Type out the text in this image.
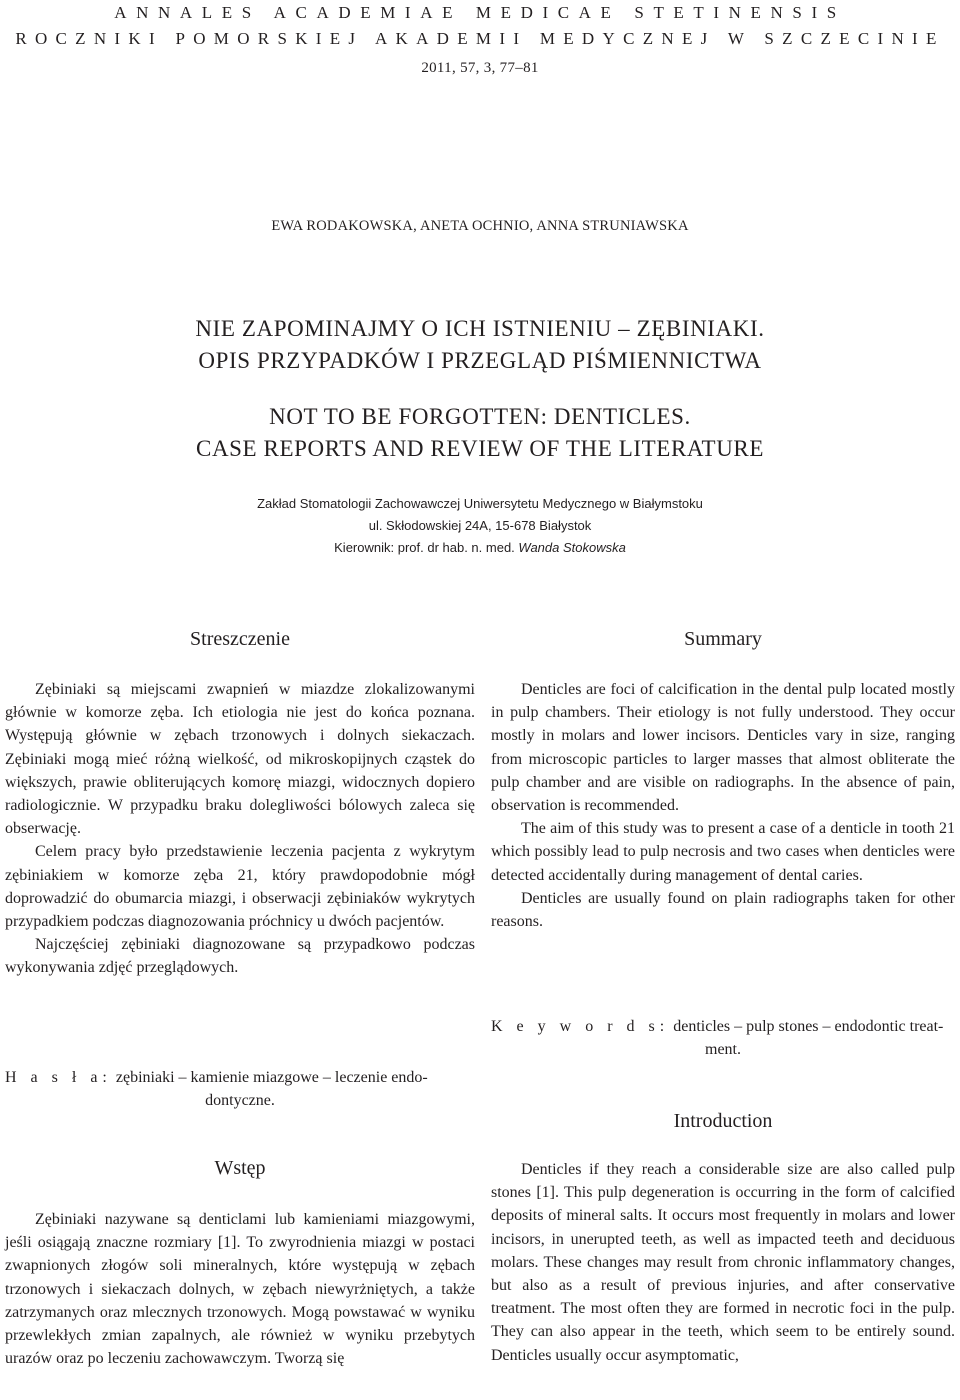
ANNALES ACADEMIAE MEDICAE STETINENSIS
ROCZNIKI POMORSKIEJ AKADEMII MEDYCZNEJ W SZCZECINIE
2011, 57, 3, 77–81
EWA RODAKOWSKA, ANETA OCHNIO, ANNA STRUNIAWSKA
NIE ZAPOMINAJMY O ICH ISTNIENIU – ZĘBINIAKI.
OPIS PRZYPADKÓW I PRZEGLĄD PIŚMIENNICTWA
NOT TO BE FORGOTTEN: DENTICLES.
CASE REPORTS AND REVIEW OF THE LITERATURE
Zakład Stomatologii Zachowawczej Uniwersytetu Medycznego w Białymstoku
ul. Skłodowskiej 24A, 15-678 Białystok
Kierownik: prof. dr hab. n. med. Wanda Stokowska
Streszczenie

Zębiniaki są miejscami zwapnień w miazdze zlokalizowanymi głównie w komorze zęba. Ich etiologia nie jest do końca poznana. Występują głównie w zębach trzonowych i dolnych siekaczach. Zębiniaki mogą mieć różną wielkość, od mikroskopijnych cząstek do większych, prawie obliterujących komorę miazgi, widocznych dopiero radiologicznie. W przypadku braku dolegliwości bólowych zaleca się obserwację.

Celem pracy było przedstawienie leczenia pacjenta z wykrytym zębiniakiem w komorze zęba 21, który prawdopodobnie mógł doprowadzić do obumarcia miazgi, i obserwacji zębiniaków wykrytych przypadkiem podczas diagnozowania próchnicy u dwóch pacjentów.

Najczęściej zębiniaki diagnozowane są przypadkowo podczas wykonywania zdjęć przeglądowych.

H a s ł a: zębiniaki – kamienie miazgowe – leczenie endo-
dontyczne.
Wstęp

Zębiniaki nazywane są denticlami lub kamieniami miazgowymi, jeśli osiągają znaczne rozmiary [1]. To zwyrodnienia miazgi w postaci zwapnionych złogów soli mineralnych, które występują w zębach trzonowych i siekaczach dolnych, w zębach niewyrżniętych, a także zatrzymanych oraz mlecznych trzonowych. Mogą powstawać w wyniku przewlekłych zmian zapalnych, ale również w wyniku przebytych urazów oraz po leczeniu zachowawczym. Tworzą się

Summary

Denticles are foci of calcification in the dental pulp located mostly in pulp chambers. Their etiology is not fully understood. They occur mostly in molars and lower incisors. Denticles vary in size, ranging from microscopic particles to larger masses that almost obliterate the pulp chamber and are visible on radiographs. In the absence of pain, observation is recommended.

The aim of this study was to present a case of a denticle in tooth 21 which possibly lead to pulp necrosis and two cases when denticles were detected accidentally during management of dental caries.

Denticles are usually found on plain radiographs taken for other reasons.

K e y w o r d s: denticles – pulp stones – endodontic treat-
ment.
Introduction

Denticles if they reach a considerable size are also called pulp stones [1]. This pulp degeneration is occurring in the form of calcified deposits of mineral salts. It occurs most frequently in molars and lower incisors, in unerupted teeth, as well as impacted teeth and deciduous molars. These changes may result from chronic inflammatory changes, but also as a result of previous injuries, and after conservative treatment. The most often they are formed in necrotic foci in the pulp. They can also appear in the teeth, which seem to be entirely sound. Denticles usually occur asymptomatic,
